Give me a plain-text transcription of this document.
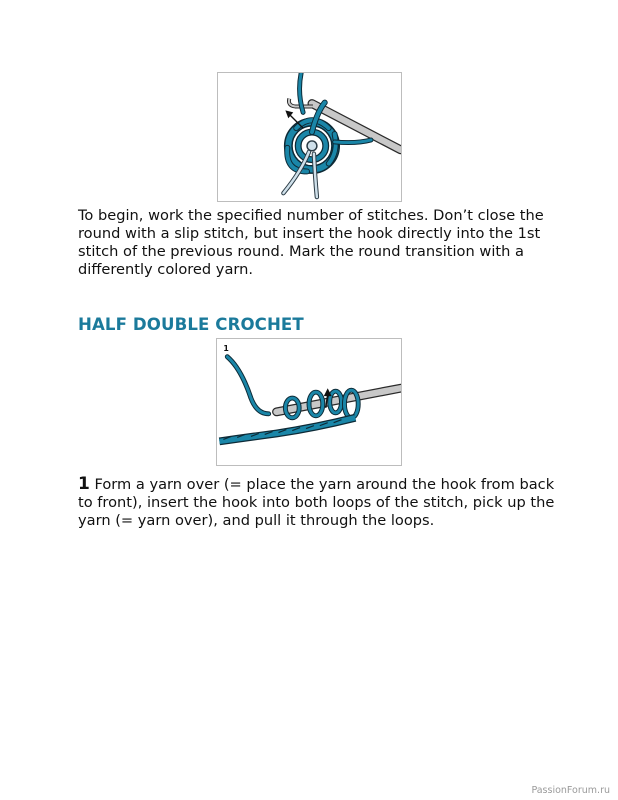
To begin, work the specified number of stitches. Don’t close the round with a slip stitch, but insert the hook directly into the 1st stitch of the previous round. Mark the round transition with a differently colored yarn.

HALF DOUBLE CROCHET
1

1 Form a yarn over (= place the yarn around the hook from back to front), insert the hook into both loops of the stitch, pick up the yarn (= yarn over), and pull it through the loops.

PassionForum.ru
